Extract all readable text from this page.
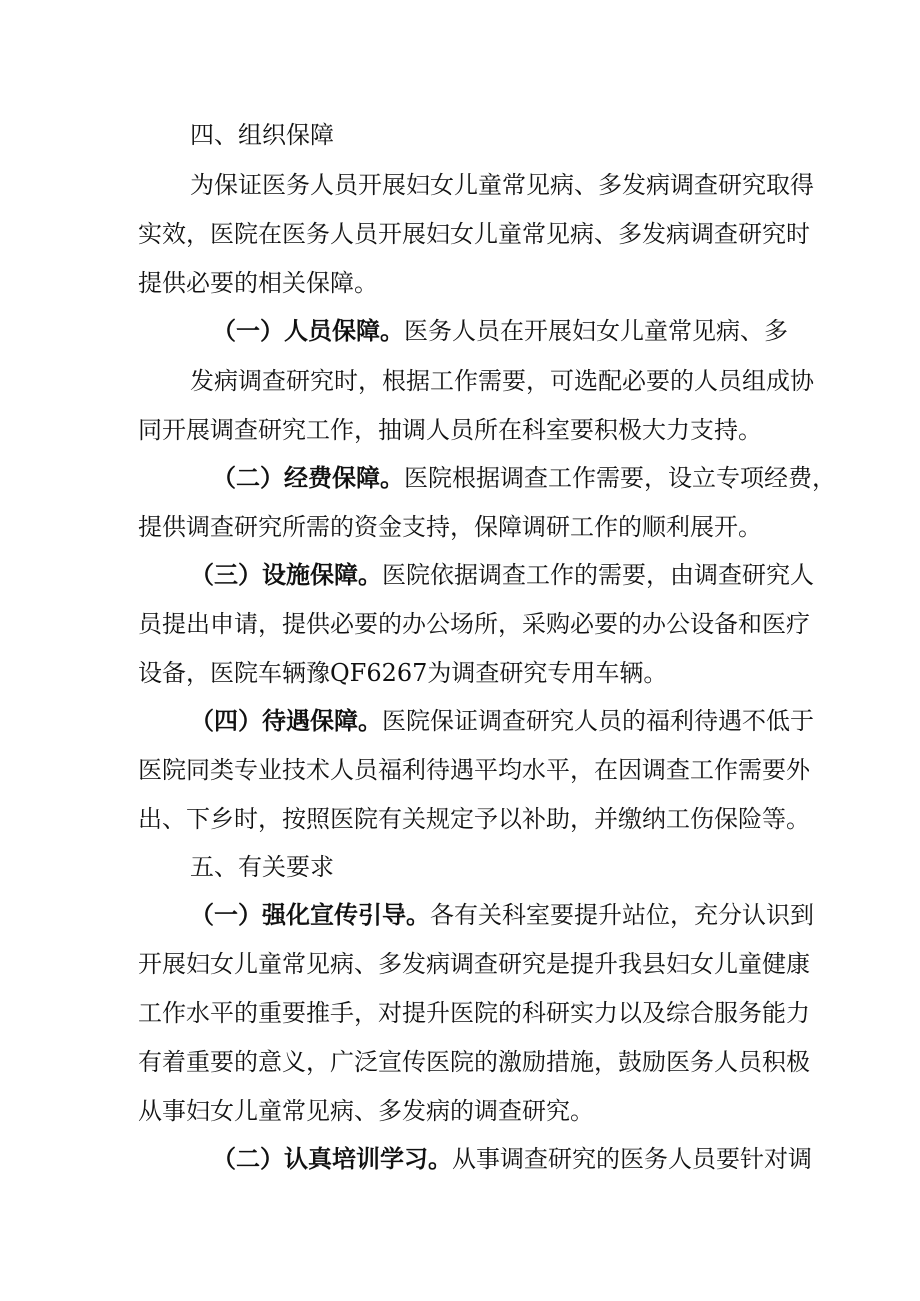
四、组织保障
为保证医务人员开展妇女儿童常见病、多发病调查研究取得
实效，医院在医务人员开展妇女儿童常见病、多发病调查研究时
提供必要的相关保障。
（一）人员保障。医务人员在开展妇女儿童常见病、多
发病调查研究时，根据工作需要，可选配必要的人员组成协
同开展调查研究工作，抽调人员所在科室要积极大力支持。
（二）经费保障。医院根据调查工作需要，设立专项经费，
提供调查研究所需的资金支持，保障调研工作的顺利展开。
（三）设施保障。医院依据调查工作的需要，由调查研究人
员提出申请，提供必要的办公场所，采购必要的办公设备和医疗
设备，医院车辆豫QF6267为调查研究专用车辆。
（四）待遇保障。医院保证调查研究人员的福利待遇不低于
医院同类专业技术人员福利待遇平均水平，在因调查工作需要外
出、下乡时，按照医院有关规定予以补助，并缴纳工伤保险等。
五、有关要求
（一）强化宣传引导。各有关科室要提升站位，充分认识到
开展妇女儿童常见病、多发病调查研究是提升我县妇女儿童健康
工作水平的重要推手，对提升医院的科研实力以及综合服务能力
有着重要的意义，广泛宣传医院的激励措施，鼓励医务人员积极
从事妇女儿童常见病、多发病的调查研究。
（二）认真培训学习。从事调查研究的医务人员要针对调
